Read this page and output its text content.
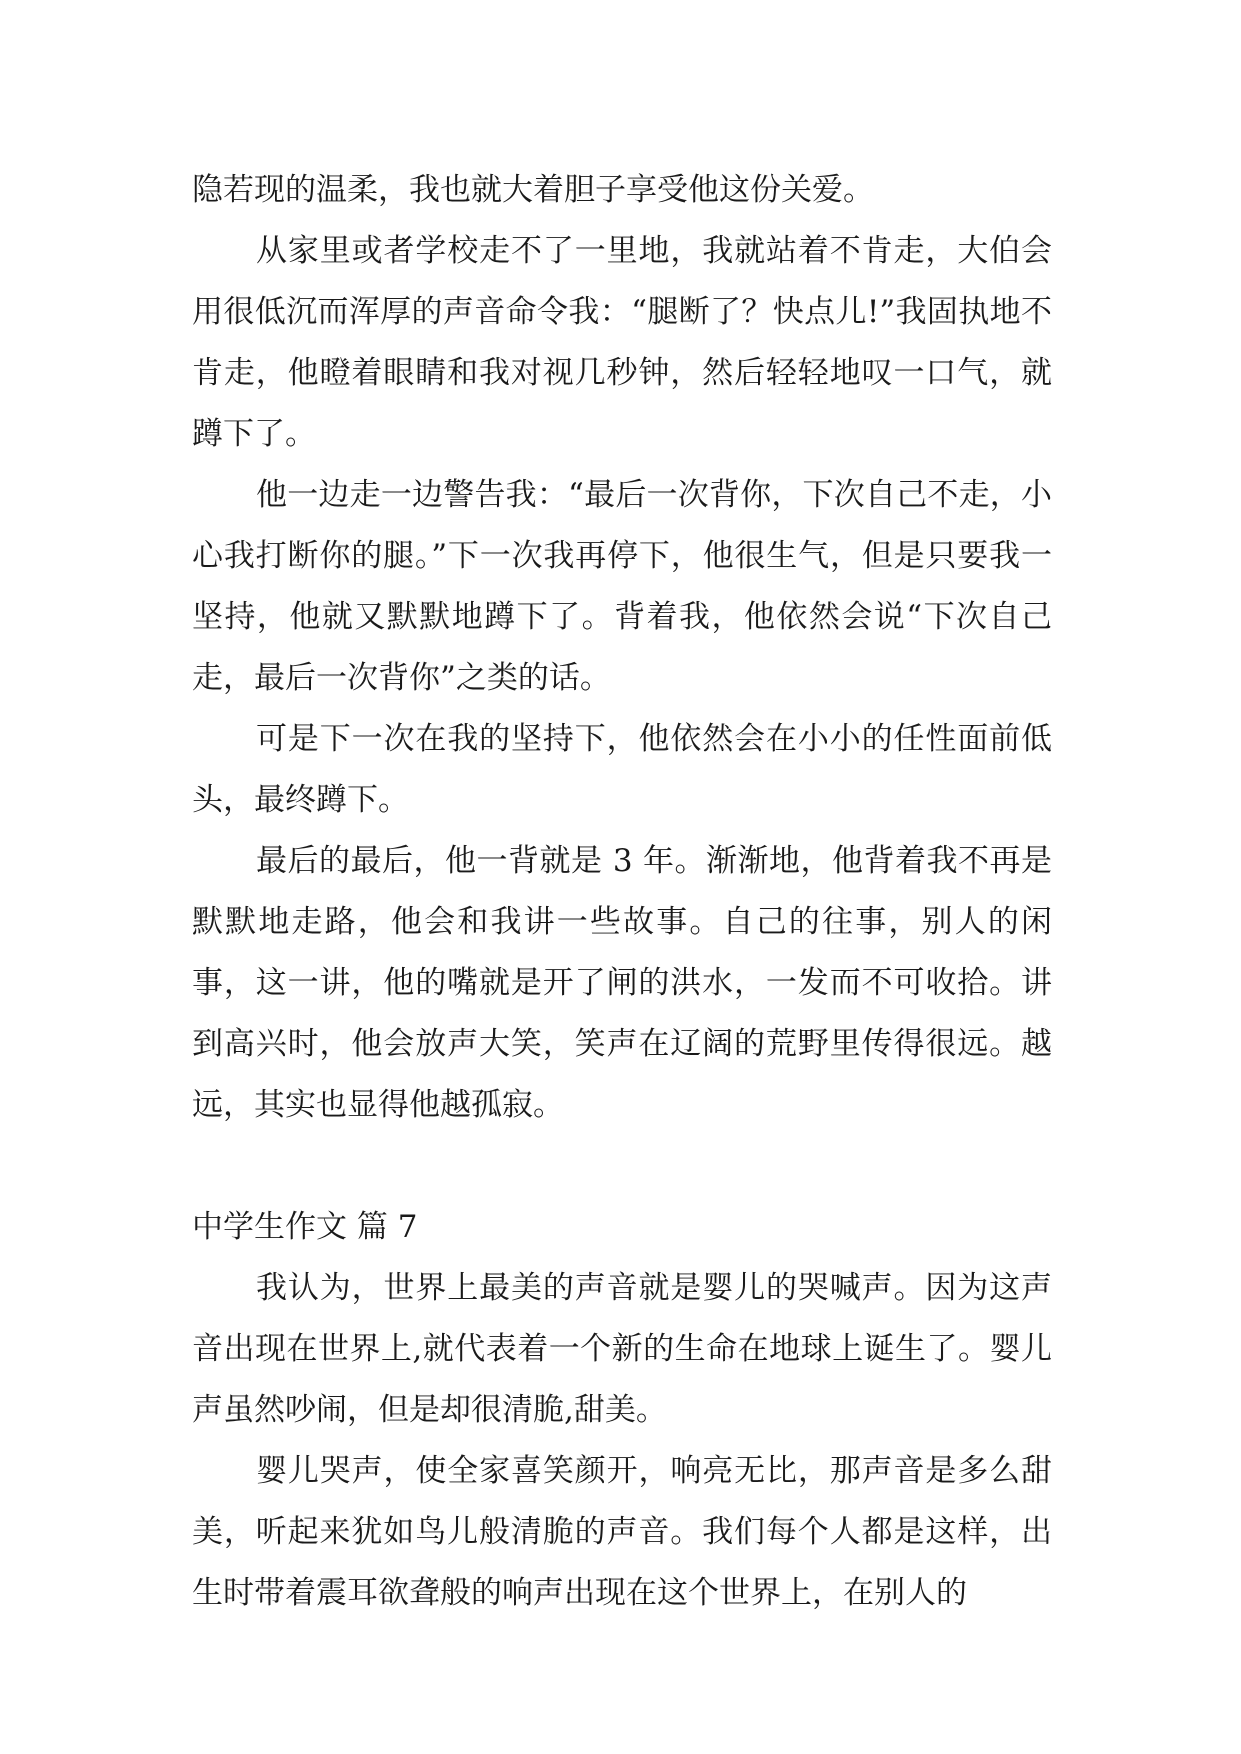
隐若现的温柔，我也就大着胆子享受他这份关爱。

从家里或者学校走不了一里地，我就站着不肯走，大伯会用很低沉而浑厚的声音命令我：“腿断了？快点儿!”我固执地不肯走，他瞪着眼睛和我对视几秒钟，然后轻轻地叹一口气，就蹲下了。

他一边走一边警告我：“最后一次背你，下次自己不走，小心我打断你的腿。”下一次我再停下，他很生气，但是只要我一坚持，他就又默默地蹲下了。背着我，他依然会说“下次自己走，最后一次背你”之类的话。

可是下一次在我的坚持下，他依然会在小小的任性面前低头，最终蹲下。

最后的最后，他一背就是 3 年。渐渐地，他背着我不再是默默地走路，他会和我讲一些故事。自己的往事，别人的闲事，这一讲，他的嘴就是开了闸的洪水，一发而不可收拾。讲到高兴时，他会放声大笑，笑声在辽阔的荒野里传得很远。越远，其实也显得他越孤寂。

中学生作文 篇 7

我认为，世界上最美的声音就是婴儿的哭喊声。因为这声音出现在世界上,就代表着一个新的生命在地球上诞生了。婴儿声虽然吵闹，但是却很清脆,甜美。

婴儿哭声，使全家喜笑颜开，响亮无比，那声音是多么甜美，听起来犹如鸟儿般清脆的声音。我们每个人都是这样，出生时带着震耳欲聋般的响声出现在这个世界上，在别人的
